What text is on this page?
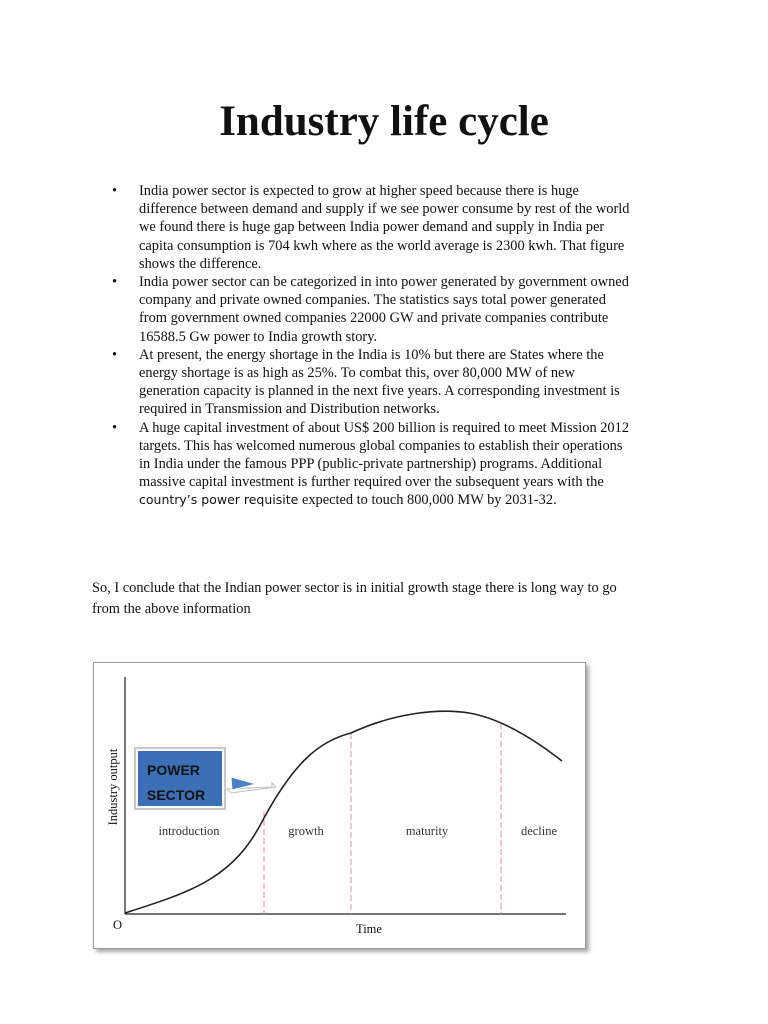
Industry life cycle
• India power sector is expected to grow at higher speed because there is huge
difference between demand and supply if we see power consume by rest of the world
we found there is huge gap between India power demand and supply in India per
capita consumption is 704 kwh where as the world average is 2300 kwh. That figure
shows the difference.
• India power sector can be categorized in into power generated by government owned
company and private owned companies. The statistics says total power generated
from government owned companies 22000 GW and private companies contribute
16588.5 Gw power to India growth story.
• At present, the energy shortage in the India is 10% but there are States where the
energy shortage is as high as 25%. To combat this, over 80,000 MW of new
generation capacity is planned in the next five years. A corresponding investment is
required in Transmission and Distribution networks.
• A huge capital investment of about US$ 200 billion is required to meet Mission 2012
targets. This has welcomed numerous global companies to establish their operations
in India under the famous PPP (public-private partnership) programs. Additional
massive capital investment is further required over the subsequent years with the
country’s power requisite expected to touch 800,000 MW by 2031-32.
So, I conclude that the Indian power sector is in initial growth stage there is long way to go
from the above information
Industry output
O	Time
introduction	growth	maturity	decline
POWER
SECTOR
